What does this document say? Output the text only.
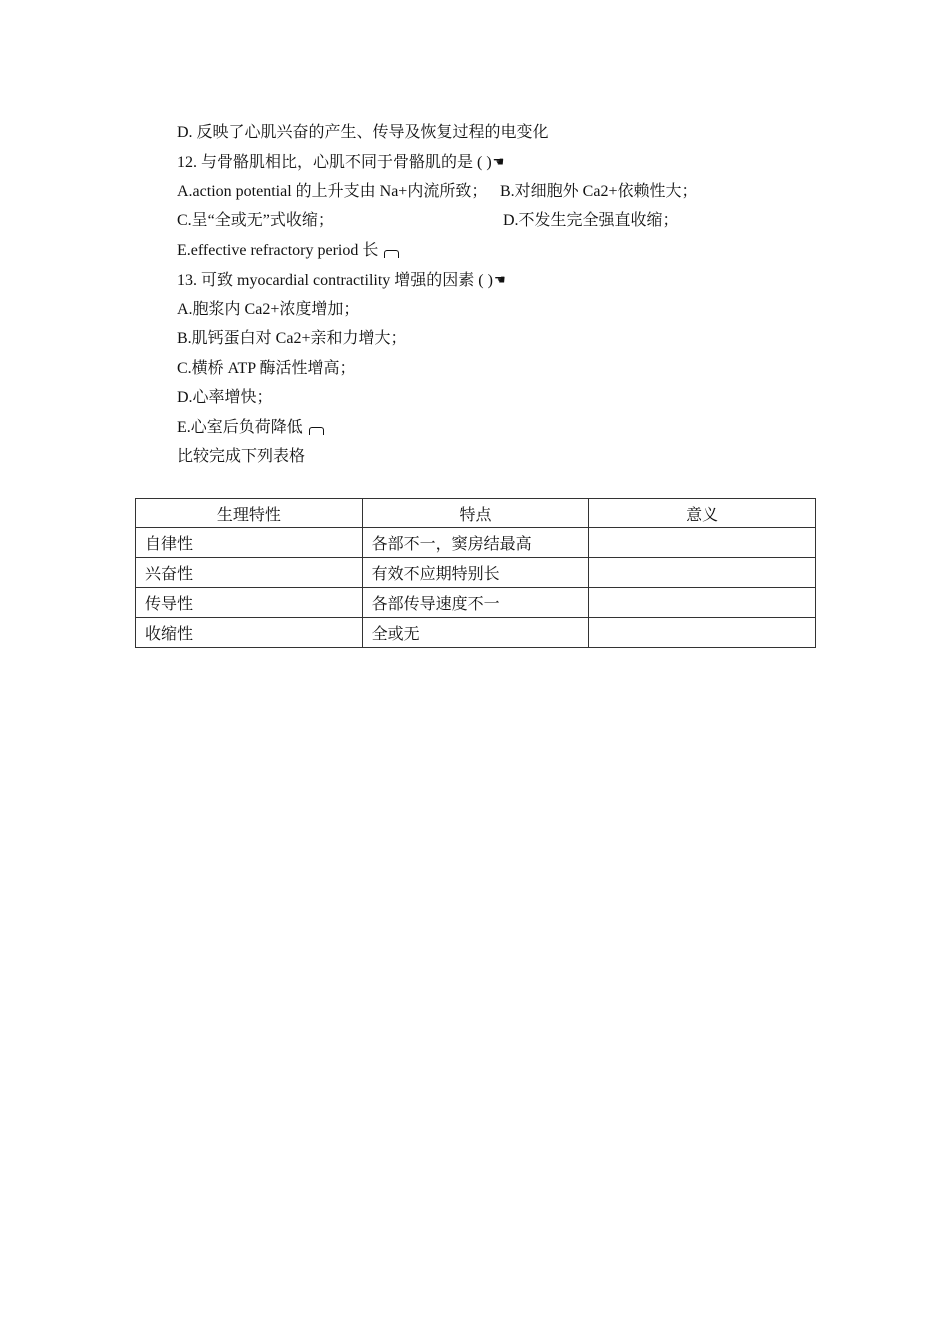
D. 反映了心肌兴奋的产生、传导及恢复过程的电变化
12. 与骨骼肌相比，心肌不同于骨骼肌的是 ( )☚
A.action potential 的上升支由 Na+内流所致； B.对细胞外 Ca2+依赖性大；
C.呈“全或无”式收缩；	D.不发生完全强直收缩；
E.effective refractory period 长
13. 可致 myocardial contractility 增强的因素 ( )☚
A.胞浆内 Ca2+浓度增加；
B.肌钙蛋白对 Ca2+亲和力增大；
C.横桥 ATP 酶活性增高；
D.心率增快；
E.心室后负荷降低
比较完成下列表格
生理特性	特点	意义
自律性	各部不一，窦房结最高	
兴奋性	有效不应期特别长	
传导性	各部传导速度不一	
收缩性	全或无	
